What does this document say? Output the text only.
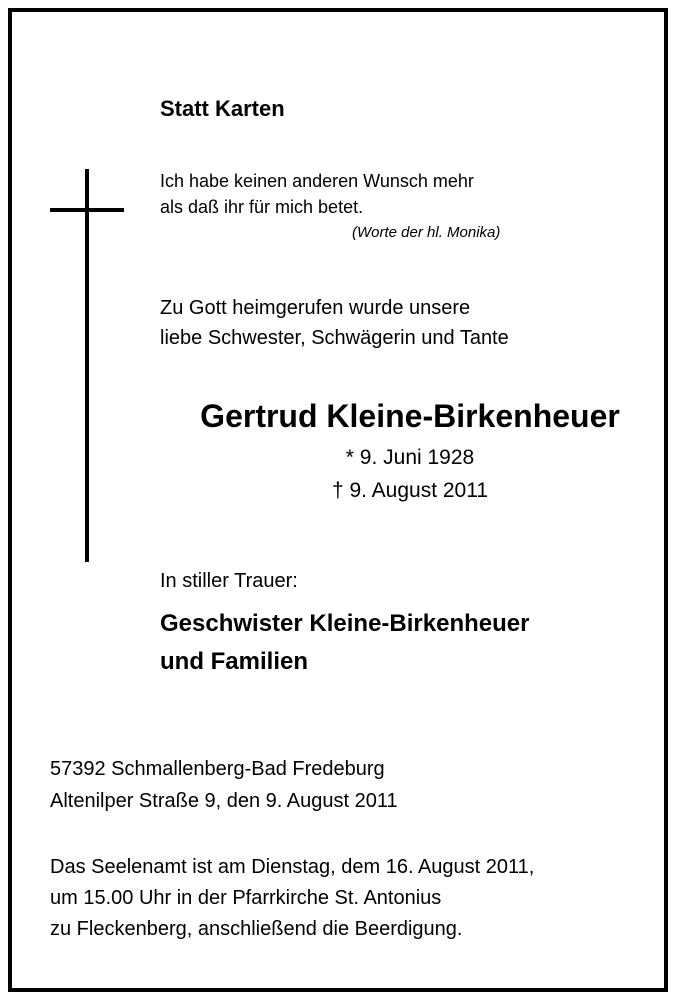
Statt Karten
Ich habe keinen anderen Wunsch mehr
als daß ihr für mich betet.
(Worte der hl. Monika)
Zu Gott heimgerufen wurde unsere
liebe Schwester, Schwägerin und Tante
Gertrud Kleine-Birkenheuer
* 9. Juni 1928
† 9. August 2011
In stiller Trauer:
Geschwister Kleine-Birkenheuer
und Familien
57392 Schmallenberg-Bad Fredeburg
Altenilper Straße 9, den 9. August 2011
Das Seelenamt ist am Dienstag, dem 16. August 2011,
um 15.00 Uhr in der Pfarrkirche St. Antonius
zu Fleckenberg, anschließend die Beerdigung.
